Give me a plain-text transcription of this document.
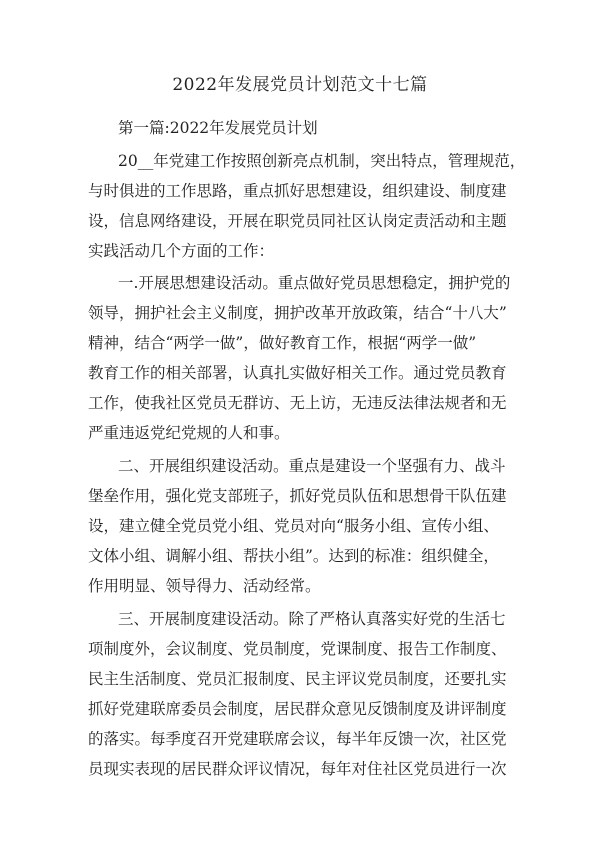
2022年发展党员计划范文十七篇

第一篇:2022年发展党员计划

20__年党建工作按照创新亮点机制，突出特点，管理规范，

与时俱进的工作思路，重点抓好思想建设，组织建设、制度建

设，信息网络建设，开展在职党员同社区认岗定责活动和主题

实践活动几个方面的工作：

一.开展思想建设活动。重点做好党员思想稳定，拥护党的

领导，拥护社会主义制度，拥护改革开放政策，结合“十八大”

精神，结合“两学一做”，做好教育工作，根据“两学一做”

教育工作的相关部署，认真扎实做好相关工作。通过党员教育

工作，使我社区党员无群访、无上访，无违反法律法规者和无

严重违返党纪党规的人和事。

二、开展组织建设活动。重点是建设一个坚强有力、战斗

堡垒作用，强化党支部班子，抓好党员队伍和思想骨干队伍建

设，建立健全党员党小组、党员对向“服务小组、宣传小组、

文体小组、调解小组、帮扶小组”。达到的标准：组织健全，

作用明显、领导得力、活动经常。

三、开展制度建设活动。除了严格认真落实好党的生活七

项制度外，会议制度、党员制度，党课制度、报告工作制度、

民主生活制度、党员汇报制度、民主评议党员制度，还要扎实

抓好党建联席委员会制度，居民群众意见反馈制度及讲评制度

的落实。每季度召开党建联席会议，每半年反馈一次，社区党

员现实表现的居民群众评议情况，每年对住社区党员进行一次
